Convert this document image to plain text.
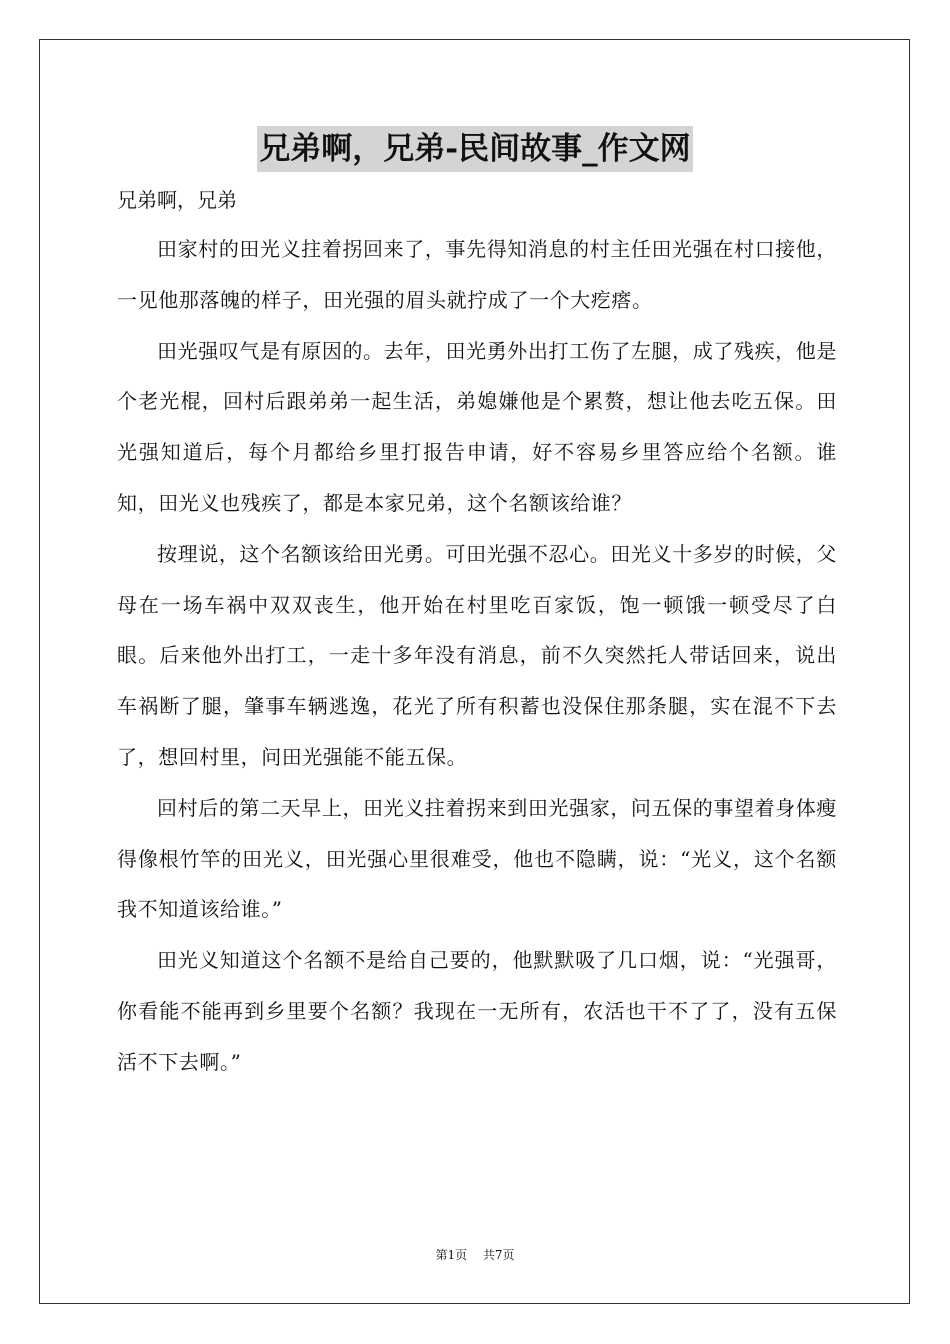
兄弟啊，兄弟-民间故事_作文网

兄弟啊，兄弟

田家村的田光义拄着拐回来了，事先得知消息的村主任田光强在村口接他，一见他那落魄的样子，田光强的眉头就拧成了一个大疙瘩。

田光强叹气是有原因的。去年，田光勇外出打工伤了左腿，成了残疾，他是个老光棍，回村后跟弟弟一起生活，弟媳嫌他是个累赘，想让他去吃五保。田光强知道后，每个月都给乡里打报告申请，好不容易乡里答应给个名额。谁知，田光义也残疾了，都是本家兄弟，这个名额该给谁？

按理说，这个名额该给田光勇。可田光强不忍心。田光义十多岁的时候，父母在一场车祸中双双丧生，他开始在村里吃百家饭，饱一顿饿一顿受尽了白眼。后来他外出打工，一走十多年没有消息，前不久突然托人带话回来，说出车祸断了腿，肇事车辆逃逸，花光了所有积蓄也没保住那条腿，实在混不下去了，想回村里，问田光强能不能五保。

回村后的第二天早上，田光义拄着拐来到田光强家，问五保的事望着身体瘦得像根竹竿的田光义，田光强心里很难受，他也不隐瞒，说：“光义，这个名额我不知道该给谁。”

田光义知道这个名额不是给自己要的，他默默吸了几口烟，说：“光强哥，你看能不能再到乡里要个名额？我现在一无所有，农活也干不了了，没有五保活不下去啊。”

第1页 共7页
